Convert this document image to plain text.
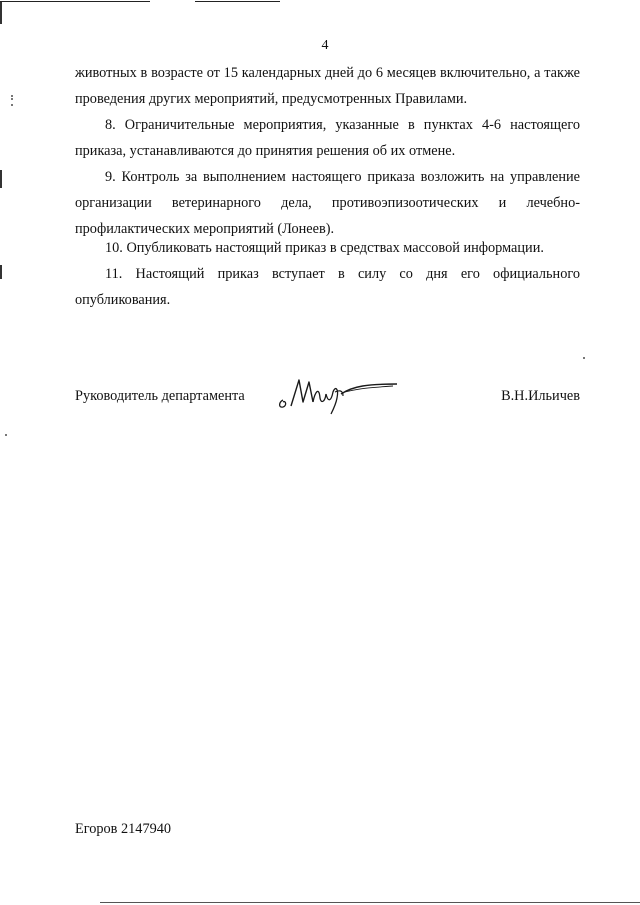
4

животных в возрасте от 15 календарных дней до 6 месяцев включительно, а также проведения других мероприятий, предусмотренных Правилами.

8. Ограничительные мероприятия, указанные в пунктах 4-6 настоящего приказа, устанавливаются до принятия решения об их отмене.

9. Контроль за выполнением настоящего приказа возложить на управление организации ветеринарного дела, противоэпизоотических и лечебно-профилактических мероприятий (Лонеев).

10. Опубликовать настоящий приказ в средствах массовой информации.

11. Настоящий приказ вступает в силу со дня его официального опубликования.

Руководитель департамента	В.Н.Ильичев
Егоров 2147940
